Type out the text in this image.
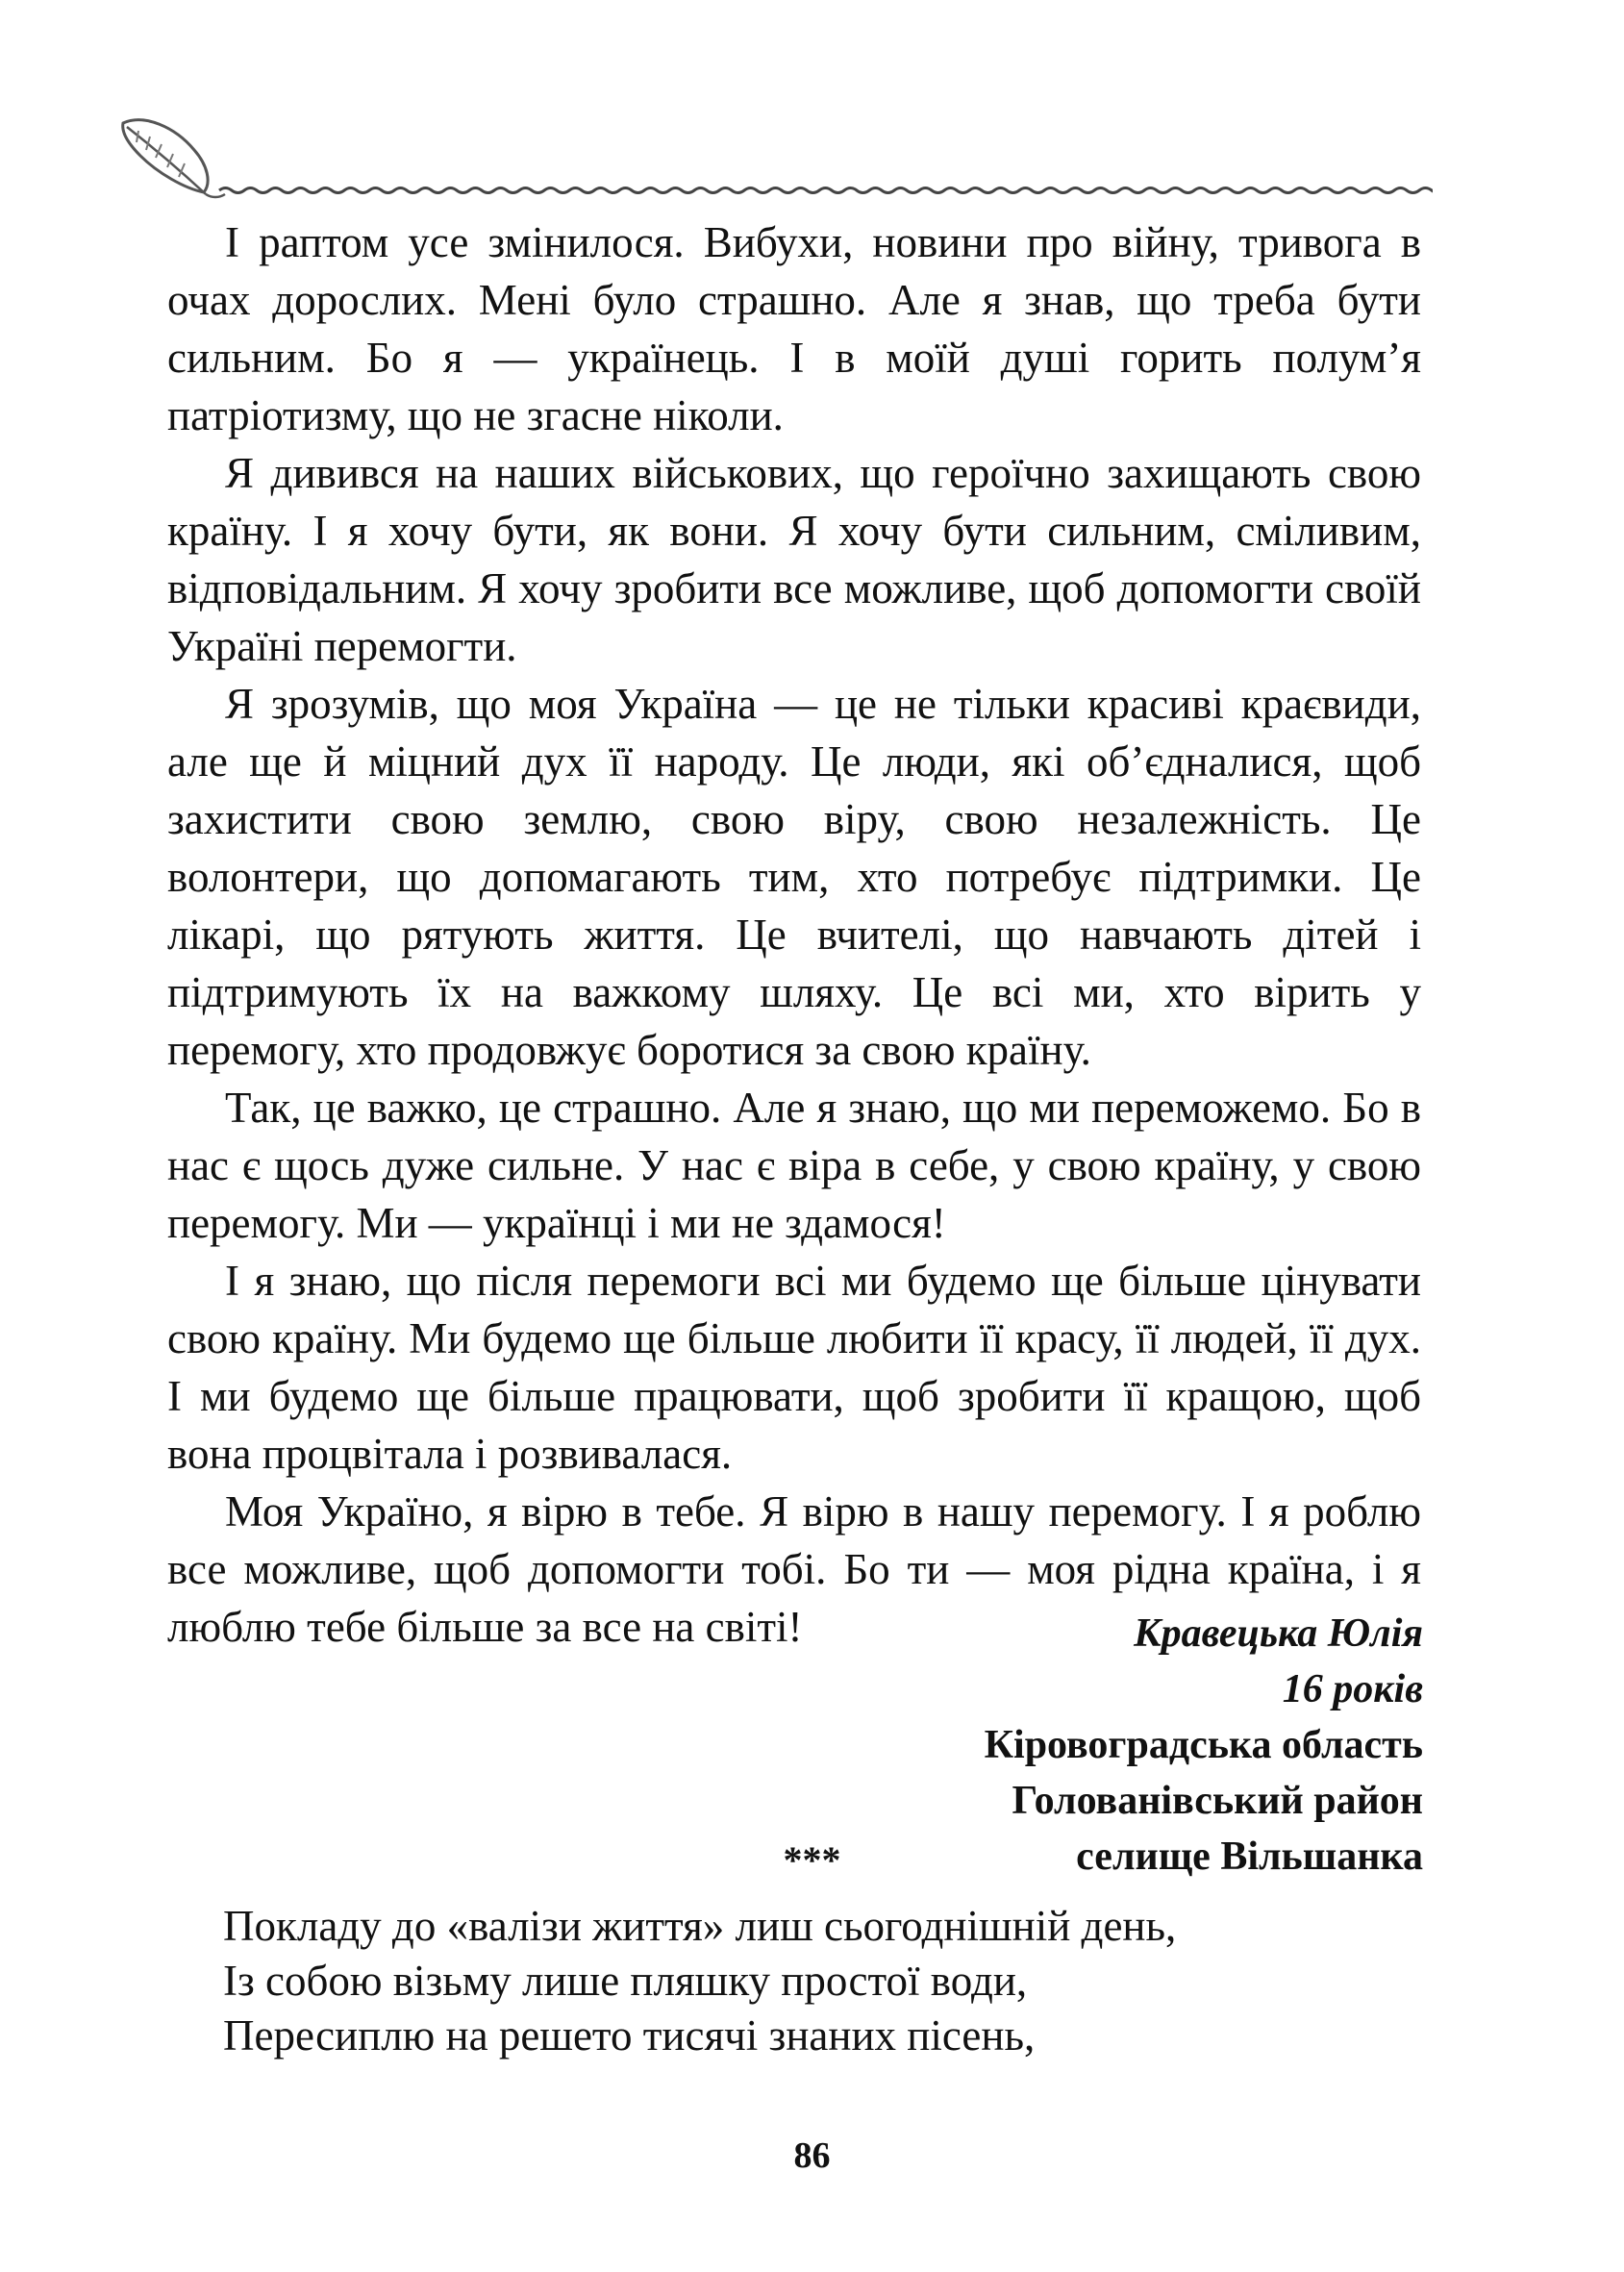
І раптом усе змінилося. Вибухи, новини про війну, тривога в очах дорослих. Мені було страшно. Але я знав, що треба бути сильним. Бо я — українець. І в моїй душі горить полум’я патріотизму, що не згасне ніколи.

Я дивився на наших військових, що героїчно захищають свою країну. І я хочу бути, як вони. Я хочу бути сильним, сміливим, відповідальним. Я хочу зробити все можливе, щоб допомогти своїй Україні перемогти.

Я зрозумів, що моя Україна — це не тільки красиві краєвиди, але ще й міцний дух її народу. Це люди, які об’єдналися, щоб захистити свою землю, свою віру, свою незалежність. Це волонтери, що допомагають тим, хто потребує підтримки. Це лікарі, що рятують життя. Це вчителі, що навчають дітей і підтримують їх на важкому шляху. Це всі ми, хто вірить у перемогу, хто продовжує боротися за свою країну.

Так, це важко, це страшно. Але я знаю, що ми переможемо. Бо в нас є щось дуже сильне. У нас є віра в себе, у свою країну, у свою перемогу. Ми — українці і ми не здамося!

І я знаю, що після перемоги всі ми будемо ще більше цінувати свою країну. Ми будемо ще більше любити її красу, її людей, її дух. І ми будемо ще більше працювати, щоб зробити її кращою, щоб вона процвітала і розвивалася.

Моя Україно, я вірю в тебе. Я вірю в нашу перемогу. І я роблю все можливе, щоб допомогти тобі. Бо ти — моя рідна країна, і я люблю тебе більше за все на світі!	Кравецька Юлія
16 років
Кіровоградська область
Голованівський район
селище Вільшанка
***
Покладу до «валізи життя» лиш сьогоднішній день,
Із собою візьму лише пляшку простої води,
Пересиплю на решето тисячі знаних пісень,
86
